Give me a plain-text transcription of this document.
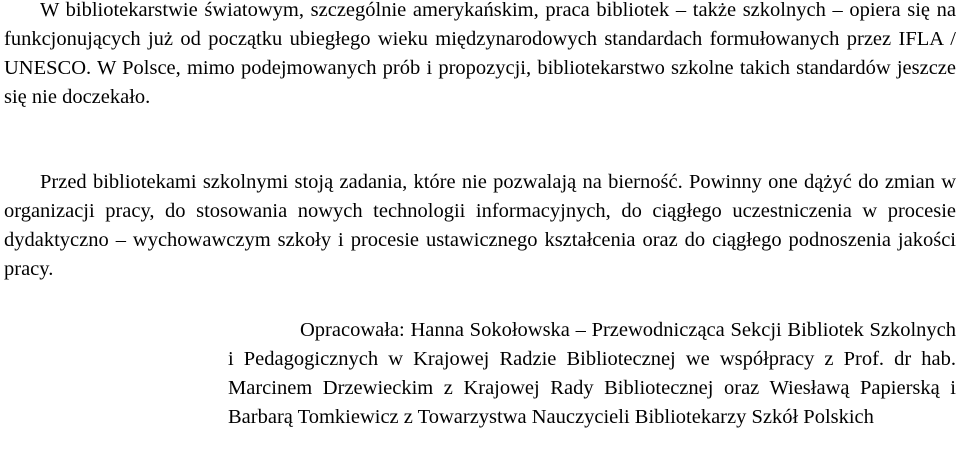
W bibliotekarstwie światowym, szczególnie amerykańskim, praca bibliotek – także szkolnych – opiera się na funkcjonujących już od początku ubiegłego wieku międzynarodowych standardach formułowanych przez IFLA / UNESCO. W Polsce, mimo podejmowanych prób i propozycji, bibliotekarstwo szkolne takich standardów jeszcze się nie doczekało.

Przed bibliotekami szkolnymi stoją zadania, które nie pozwalają na bierność. Powinny one dążyć do zmian w organizacji pracy, do stosowania nowych technologii informacyjnych, do ciągłego uczestniczenia w procesie dydaktyczno – wychowawczym szkoły i procesie ustawicznego kształcenia oraz do ciągłego podnoszenia jakości pracy.

Opracowała: Hanna Sokołowska – Przewodnicząca Sekcji Bibliotek Szkolnych i Pedagogicznych w Krajowej Radzie Bibliotecznej we współpracy z Prof. dr hab. Marcinem Drzewieckim z Krajowej Rady Bibliotecznej oraz Wiesławą Papierską i Barbarą Tomkiewicz z Towarzystwa Nauczycieli Bibliotekarzy Szkół Polskich
